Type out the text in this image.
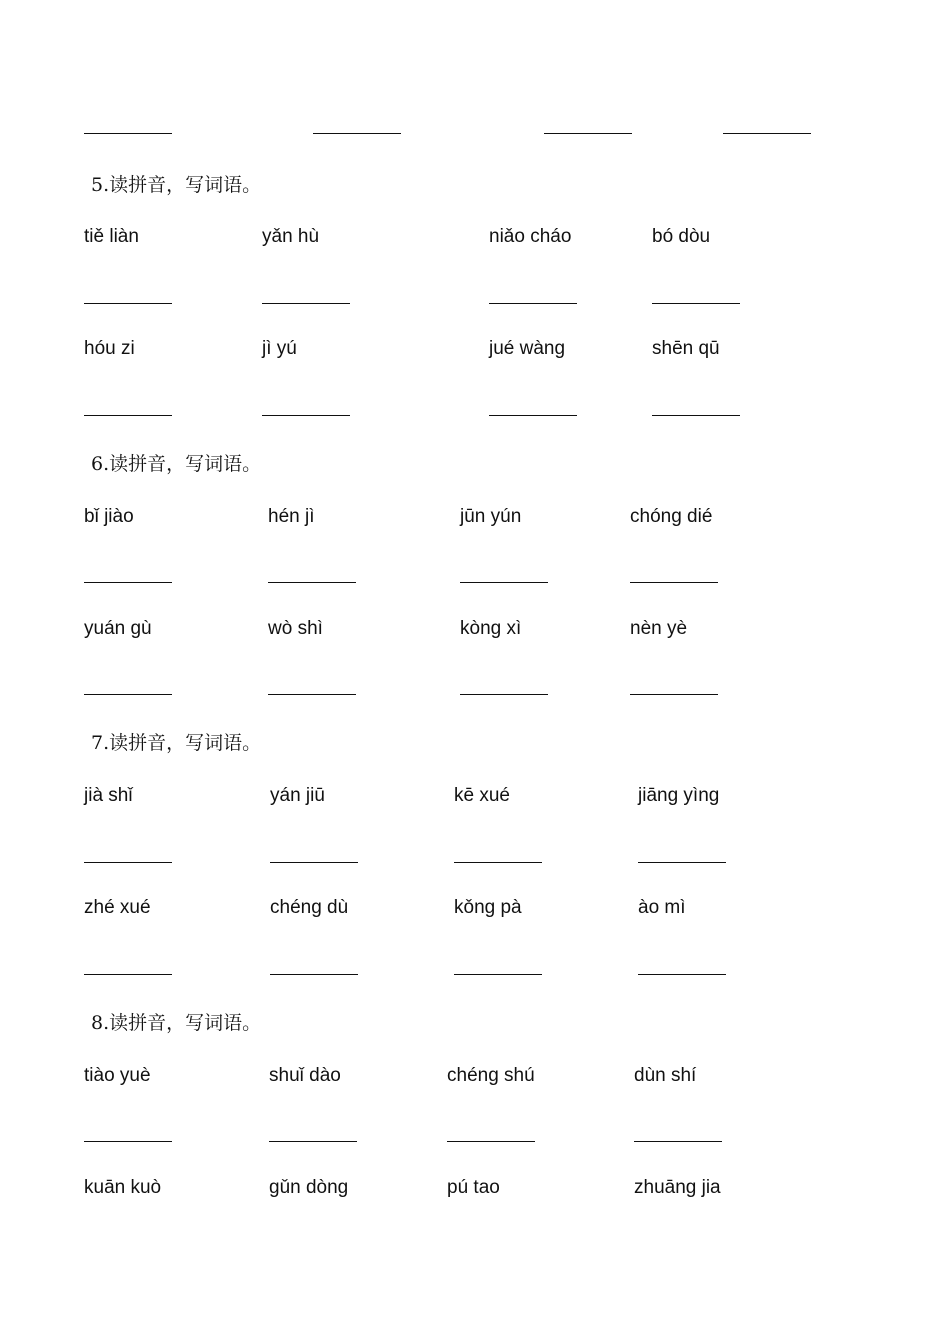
5.读拼音，写词语。
tiě liàn	yǎn hù	niǎo cháo	bó dòu
hóu zi	jì yú	jué wàng	shēn qū
6.读拼音，写词语。
bǐ jiào	hén jì	jūn yún	chóng dié
yuán gù	wò shì	kòng xì	nèn yè
7.读拼音，写词语。
jià shǐ	yán jiū	kē xué	jiāng yìng
zhé xué	chéng dù	kǒng pà	ào mì
8.读拼音，写词语。
tiào yuè	shuǐ dào	chéng shú	dùn shí
kuān kuò	gǔn dòng	pú tao	zhuāng jia
